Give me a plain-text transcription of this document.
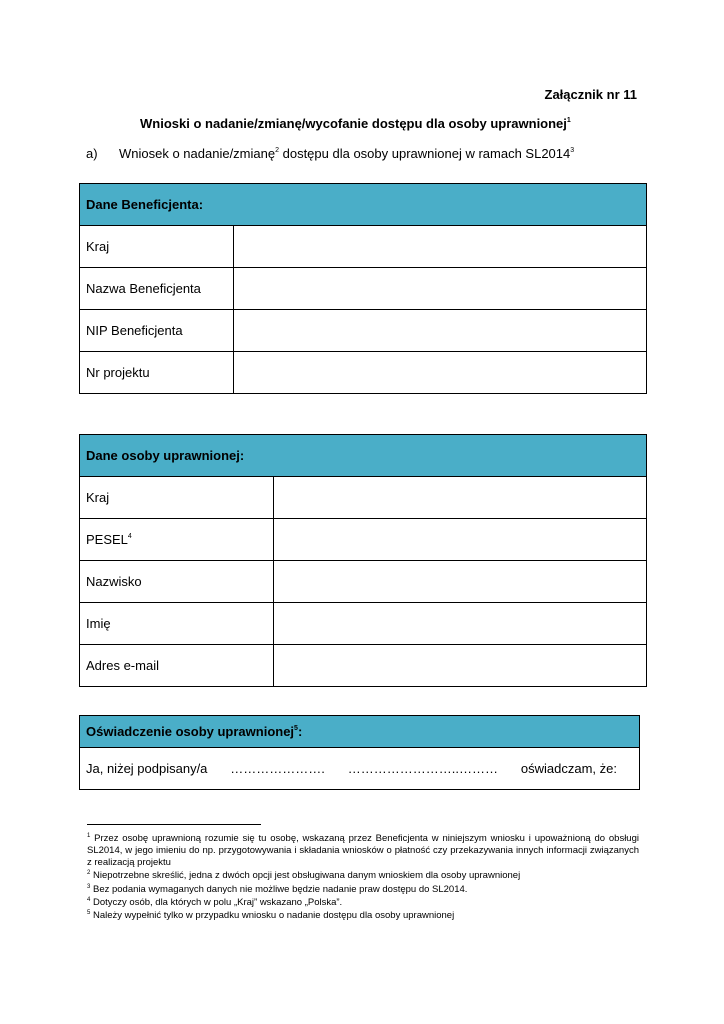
Załącznik nr 11
Wnioski o nadanie/zmianę/wycofanie dostępu dla osoby uprawnionej$^1$
a) Wniosek o nadanie/zmianę$^2$ dostępu dla osoby uprawnionej w ramach SL2014$^3$
Dane Beneficjenta:	
Kraj	
Nazwa Beneficjenta	
NIP Beneficjenta	
Nr projektu	
Dane osoby uprawnionej:	
Kraj	
PESEL$^4$	
Nazwisko	
Imię	
Adres e-mail	
Oświadczenie osoby uprawnionej$^5$:

Ja, niżej podpisany/a …………………. ……………………..……… oświadczam, że:
$^1$ Przez osobę uprawnioną rozumie się tu osobę, wskazaną przez Beneficjenta w niniejszym wniosku i upoważnioną do obsługi SL2014, w jego imieniu do np. przygotowywania i składania wniosków o płatność czy przekazywania innych informacji związanych z realizacją projektu
$^2$ Niepotrzebne skreślić, jedna z dwóch opcji jest obsługiwana danym wnioskiem dla osoby uprawnionej
$^3$ Bez podania wymaganych danych nie możliwe będzie nadanie praw dostępu do SL2014.
$^4$ Dotyczy osób, dla których w polu „Kraj” wskazano „Polska”.
$^5$ Należy wypełnić tylko w przypadku wniosku o nadanie dostępu dla osoby uprawnionej
